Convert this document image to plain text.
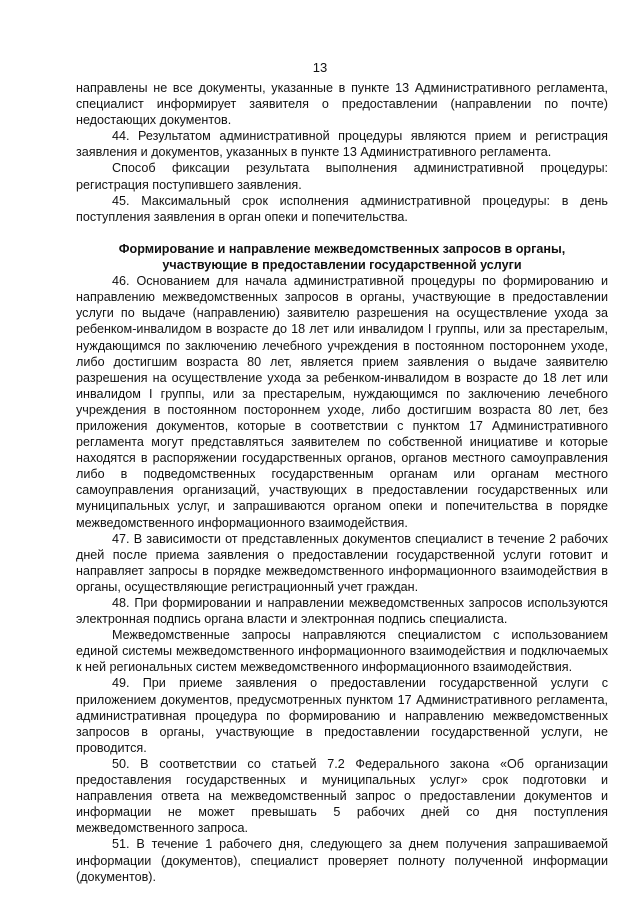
13

направлены не все документы, указанные в пункте 13 Административного регламента, специалист информирует заявителя о предоставлении (направлении по почте) недостающих документов.

44. Результатом административной процедуры являются прием и регистрация заявления и документов, указанных в пункте 13 Административного регламента.

Способ фиксации результата выполнения административной процедуры: регистрация поступившего заявления.

45. Максимальный срок исполнения административной процедуры: в день поступления заявления в орган опеки и попечительства.

Формирование и направление межведомственных запросов в органы, участвующие в предоставлении государственной услуги

46. Основанием для начала административной процедуры по формированию и направлению межведомственных запросов в органы, участвующие в предоставлении услуги по выдаче (направлению) заявителю разрешения на осуществление ухода за ребенком-инвалидом в возрасте до 18 лет или инвалидом I группы, или за престарелым, нуждающимся по заключению лечебного учреждения в постоянном постороннем уходе, либо достигшим возраста 80 лет, является прием заявления о выдаче заявителю разрешения на осуществление ухода за ребенком-инвалидом в возрасте до 18 лет или инвалидом I группы, или за престарелым, нуждающимся по заключению лечебного учреждения в постоянном постороннем уходе, либо достигшим возраста 80 лет, без приложения документов, которые в соответствии с пунктом 17 Административного регламента могут представляться заявителем по собственной инициативе и которые находятся в распоряжении государственных органов, органов местного самоуправления либо в подведомственных государственным органам или органам местного самоуправления организаций, участвующих в предоставлении государственных или муниципальных услуг, и запрашиваются органом опеки и попечительства в порядке межведомственного информационного взаимодействия.

47. В зависимости от представленных документов специалист в течение 2 рабочих дней после приема заявления о предоставлении государственной услуги готовит и направляет запросы в порядке межведомственного информационного взаимодействия в органы, осуществляющие регистрационный учет граждан.

48. При формировании и направлении межведомственных запросов используются электронная подпись органа власти и электронная подпись специалиста.

Межведомственные запросы направляются специалистом с использованием единой системы межведомственного информационного взаимодействия и подключаемых к ней региональных систем межведомственного информационного взаимодействия.

49. При приеме заявления о предоставлении государственной услуги с приложением документов, предусмотренных пунктом 17 Административного регламента, административная процедура по формированию и направлению межведомственных запросов в органы, участвующие в предоставлении государственной услуги, не проводится.

50. В соответствии со статьей 7.2 Федерального закона «Об организации предоставления государственных и муниципальных услуг» срок подготовки и направления ответа на межведомственный запрос о предоставлении документов и информации не может превышать 5 рабочих дней со дня поступления межведомственного запроса.

51. В течение 1 рабочего дня, следующего за днем получения запрашиваемой информации (документов), специалист проверяет полноту полученной информации (документов).
